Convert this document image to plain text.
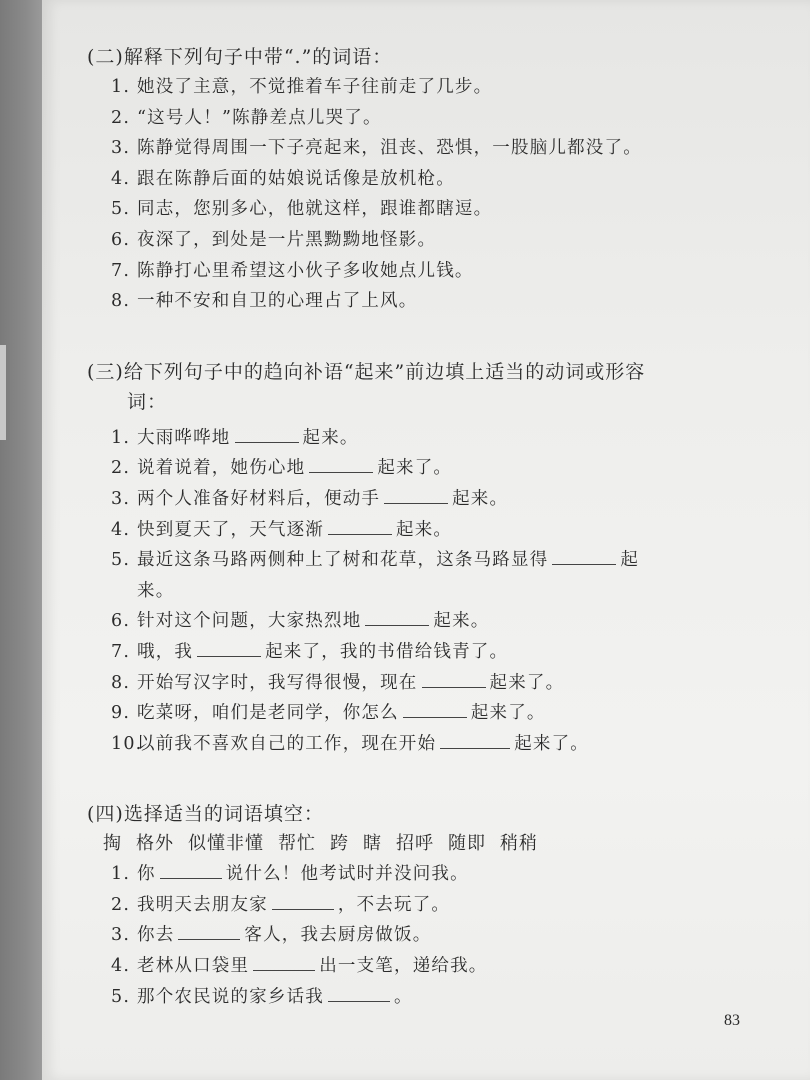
(二)解释下列句子中带“.”的词语：
1. 她没了主意，不觉推着车子往前走了几步。
2. “这号人！”陈静差点儿哭了。
3. 陈静觉得周围一下子亮起来，沮丧、恐惧，一股脑儿都没了。
4. 跟在陈静后面的姑娘说话像是放机枪。
5. 同志，您别多心，他就这样，跟谁都瞎逗。
6. 夜深了，到处是一片黑黝黝地怪影。
7. 陈静打心里希望这小伙子多收她点儿钱。
8. 一种不安和自卫的心理占了上风。
(三)给下列句子中的趋向补语“起来”前边填上适当的动词或形容
词：
1. 大雨哗哗地	起来。
2. 说着说着，她伤心地	起来了。
3. 两个人准备好材料后，便动手	起来。
4. 快到夏天了，天气逐渐	起来。
5. 最近这条马路两侧种上了树和花草，这条马路显得	起
来。
6. 针对这个问题，大家热烈地	起来。
7. 哦，我	起来了，我的书借给钱青了。
8. 开始写汉字时，我写得很慢，现在	起来了。
9. 吃菜呀，咱们是老同学，你怎么	起来了。
10.以前我不喜欢自己的工作，现在开始	起来了。
(四)选择适当的词语填空：
掏 格外 似懂非懂 帮忙 跨 瞎 招呼 随即 稍稍
1. 你	说什么！他考试时并没问我。
2. 我明天去朋友家	，不去玩了。
3. 你去	客人，我去厨房做饭。
4. 老林从口袋里	出一支笔，递给我。
5. 那个农民说的家乡话我	。
83
